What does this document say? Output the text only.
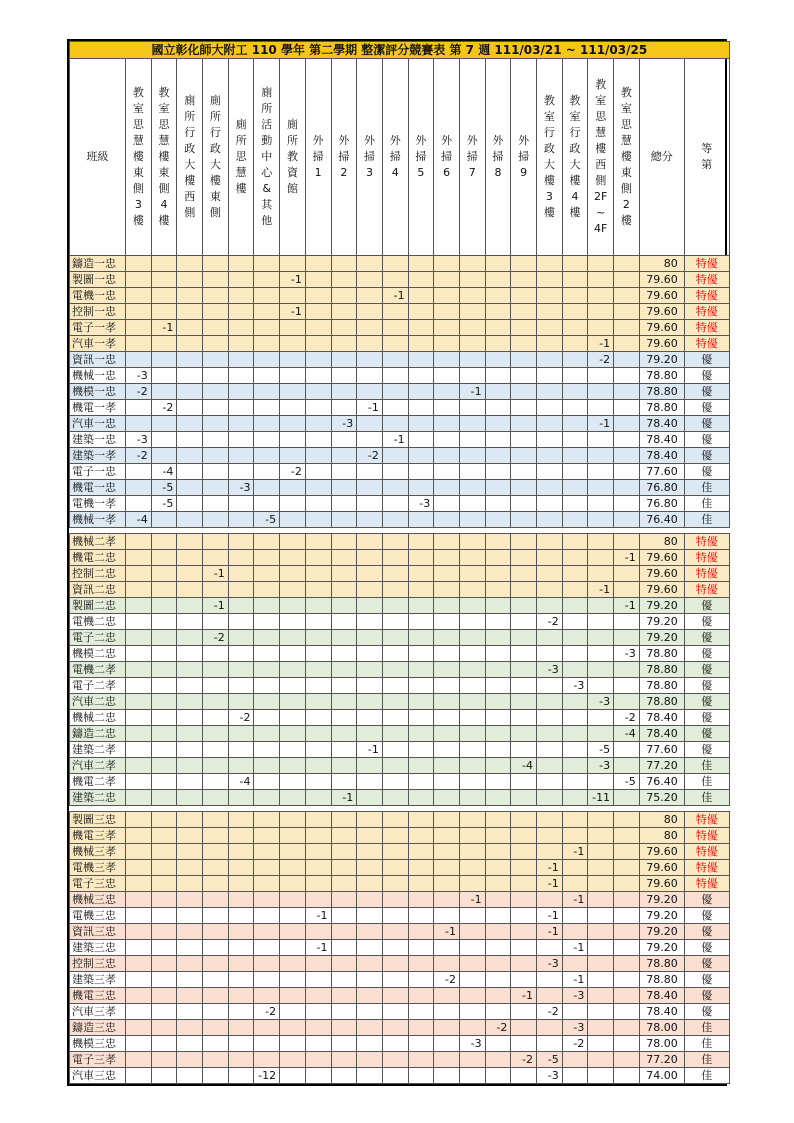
國立彰化師大附工 110 學年 第二學期 整潔評分競賽表 第 7 週 111/03/21 ~ 111/03/25																						
班級	教室思慧樓東側3樓	教室思慧樓東側4樓	廁所行政大樓西側	廁所行政大樓東側	廁所思慧樓	廁所活動中心&其他	廁所教資館	外掃1	外掃2	外掃3	外掃4	外掃5	外掃6	外掃7	外掃8	外掃9	教室行政大樓3樓	教室行政大樓4樓	教室思慧樓西側2F~4F	教室思慧樓東側2樓	總分	等第
鑄造一忠																					80	特優
製圖一忠							-1														79.60	特優
電機一忠											-1										79.60	特優
控制一忠							-1														79.60	特優
電子一孝		-1																			79.60	特優
汽車一孝																			-1		79.60	特優
資訊一忠																			-2		79.20	優
機械一忠	-3																				78.80	優
機模一忠	-2													-1							78.80	優
機電一孝		-2								-1											78.80	優
汽車一忠									-3										-1		78.40	優
建築一忠	-3										-1										78.40	優
建築一孝	-2									-2											78.40	優
電子一忠		-4					-2														77.60	優
機電一忠		-5			-3																76.80	佳
電機一孝		-5										-3									76.80	佳
機械一孝	-4					-5															76.40	佳

機械二孝																					80	特優
機電二忠																				-1	79.60	特優
控制二忠				-1																	79.60	特優
資訊二忠																			-1		79.60	特優
製圖二忠				-1																-1	79.20	優
電機二忠																	-2				79.20	優
電子二忠				-2																	79.20	優
機模二忠																				-3	78.80	優
電機二孝																	-3				78.80	優
電子二孝																		-3			78.80	優
汽車二忠																			-3		78.80	優
機械二忠					-2															-2	78.40	優
鑄造二忠																				-4	78.40	優
建築二孝										-1									-5		77.60	優
汽車二孝																-4			-3		77.20	佳
機電二孝					-4															-5	76.40	佳
建築二忠									-1										-11		75.20	佳

製圖三忠																					80	特優
機電三孝																					80	特優
機械三孝																		-1			79.60	特優
電機三孝																	-1				79.60	特優
電子三忠																	-1				79.60	特優
機械三忠														-1				-1			79.20	優
電機三忠								-1									-1				79.20	優
資訊三忠													-1				-1				79.20	優
建築三忠								-1										-1			79.20	優
控制三忠																	-3				78.80	優
建築三孝													-2					-1			78.80	優
機電三忠																-1		-3			78.40	優
汽車三孝						-2											-2				78.40	優
鑄造三忠															-2			-3			78.00	佳
機模三忠														-3				-2			78.00	佳
電子三孝																-2	-5				77.20	佳
汽車三忠						-12											-3				74.00	佳
